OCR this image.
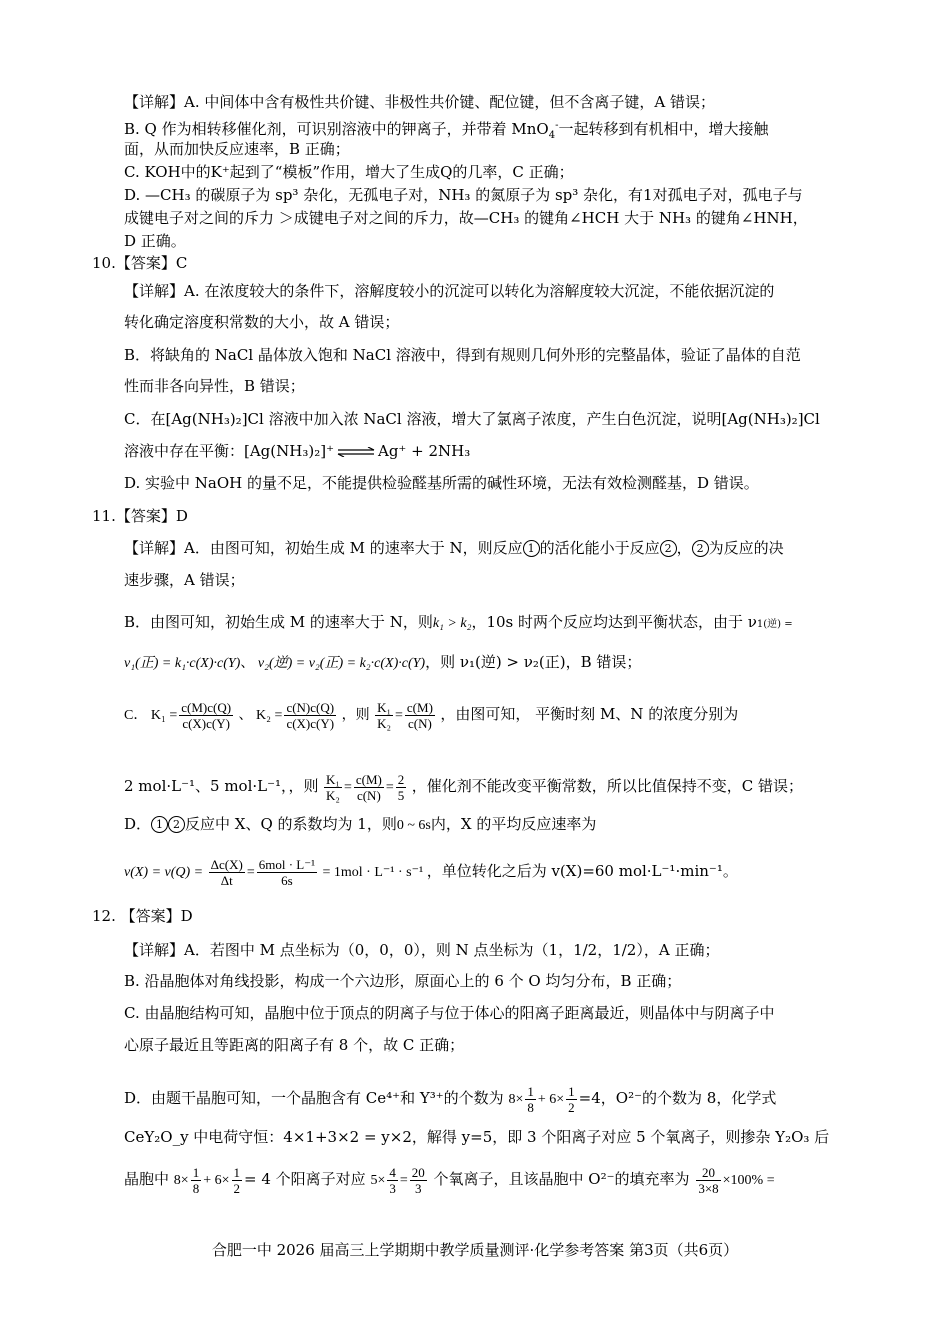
【详解】A. 中间体中含有极性共价键、非极性共价键、配位键，但不含离子键，A 错误；
B. Q 作为相转移催化剂，可识别溶液中的钾离子，并带着 MnO$_4$-一起转移到有机相中，增大接触
面，从而加快反应速率，B 正确；
C. KOH中的K⁺起到了“模板”作用，增大了生成Q的几率，C 正确；
D. —CH₃ 的碳原子为 sp³ 杂化，无孤电子对，NH₃ 的氮原子为 sp³ 杂化，有1对孤电子对，孤电子与
成键电子对之间的斥力 ＞成键电子对之间的斥力，故—CH₃ 的键角∠HCH 大于 NH₃ 的键角∠HNH，
D 正确。
10.【答案】C
【详解】A. 在浓度较大的条件下，溶解度较小的沉淀可以转化为溶解度较大沉淀，不能依据沉淀的
转化确定溶度积常数的大小，故 A 错误；
B．将缺角的 NaCl 晶体放入饱和 NaCl 溶液中，得到有规则几何外形的完整晶体，验证了晶体的自范
性而非各向异性，B 错误；
C．在[Ag(NH₃)₂]Cl 溶液中加入浓 NaCl 溶液，增大了氯离子浓度，产生白色沉淀，说明[Ag(NH₃)₂]Cl
溶液中存在平衡：[Ag(NH₃)₂]⁺ ⇌ Ag⁺ + 2NH₃
D. 实验中 NaOH 的量不足，不能提供检验醛基所需的碱性环境，无法有效检测醛基，D 错误。
11.【答案】D
【详解】A．由图可知，初始生成 M 的速率大于 N，则反应 1 的活化能小于反应 2 ， 2 为反应的决
速步骤，A 错误；
B．由图可知，初始生成 M 的速率大于 N，则k₁ > k₂，10s 时两个反应均达到平衡状态，由于 ν1(逆) =
v₁(正) = k₁·c(X)·c(Y)、 v₂(逆) = v₂(正) = k₂·c(X)·c(Y)，则 ν₁(逆) > ν₂(正)，B 错误；
C． $K_1 = \frac{c(M)c(Q)}{c(X)c(Y)}$ 、 $K_2 = \frac{c(N)c(Q)}{c(X)c(Y)}$ ，则 $\frac{\text{K₁}}{\text{K₂}} = \frac{c(M)}{c(N)}$ ，由图可知， 平衡时刻 M、N 的浓度分别为
2 mol·L⁻¹、5 mol·L⁻¹，，则 $\frac{\text{K₁}}{\text{K₂}} = \frac{c(M)}{c(N)} = \frac{2}{5}$ ，催化剂不能改变平衡常数，所以比值保持不变，C 错误；
D． 1 2 反应中 X、Q 的系数均为 1，则0 ~ 6s内，X 的平均反应速率为
$v(X) = v(Q) = \frac{\Delta c(X)}{\Delta t} = \frac{\text{6mol · L⁻¹}}{6s} = 1mol \cdot L^{-1} \cdot s^{-1}$ ，单位转化之后为 v(X)=60 mol·L⁻¹·min⁻¹。
12. 【答案】D
【详解】A．若图中 M 点坐标为（0，0，0），则 N 点坐标为（1，1/2，1/2），A 正确；
B. 沿晶胞体对角线投影，构成一个六边形，原面心上的 6 个 O 均匀分布，B 正确；
C. 由晶胞结构可知，晶胞中位于顶点的阴离子与位于体心的阳离子距离最近，则晶体中与阴离子中
心原子最近且等距离的阳离子有 8 个，故 C 正确；
D．由题干晶胞可知，一个晶胞含有 Ce⁴⁺和 Y³⁺的个数为 $8\times \frac{1}{8} + 6\times \frac{1}{2} =4$，O²⁻的个数为 8，化学式
CeY₂O_y 中电荷守恒：4×1+3×2 = y×2，解得 y=5，即 3 个阳离子对应 5 个氧离子，则掺杂 Y₂O₃ 后
晶胞中 $8\times \frac{1}{8} + 6\times \frac{1}{2} = 4$ 个阳离子对应 $5\times \frac{4}{3} = \frac{20}{3}$ 个氧离子，且该晶胞中 O²⁻的填充率为 $\frac{20}{3\times 8} \times 100\%$ =
合肥一中 2026 届高三上学期期中教学质量测评·化学参考答案 第3页（共6页）
